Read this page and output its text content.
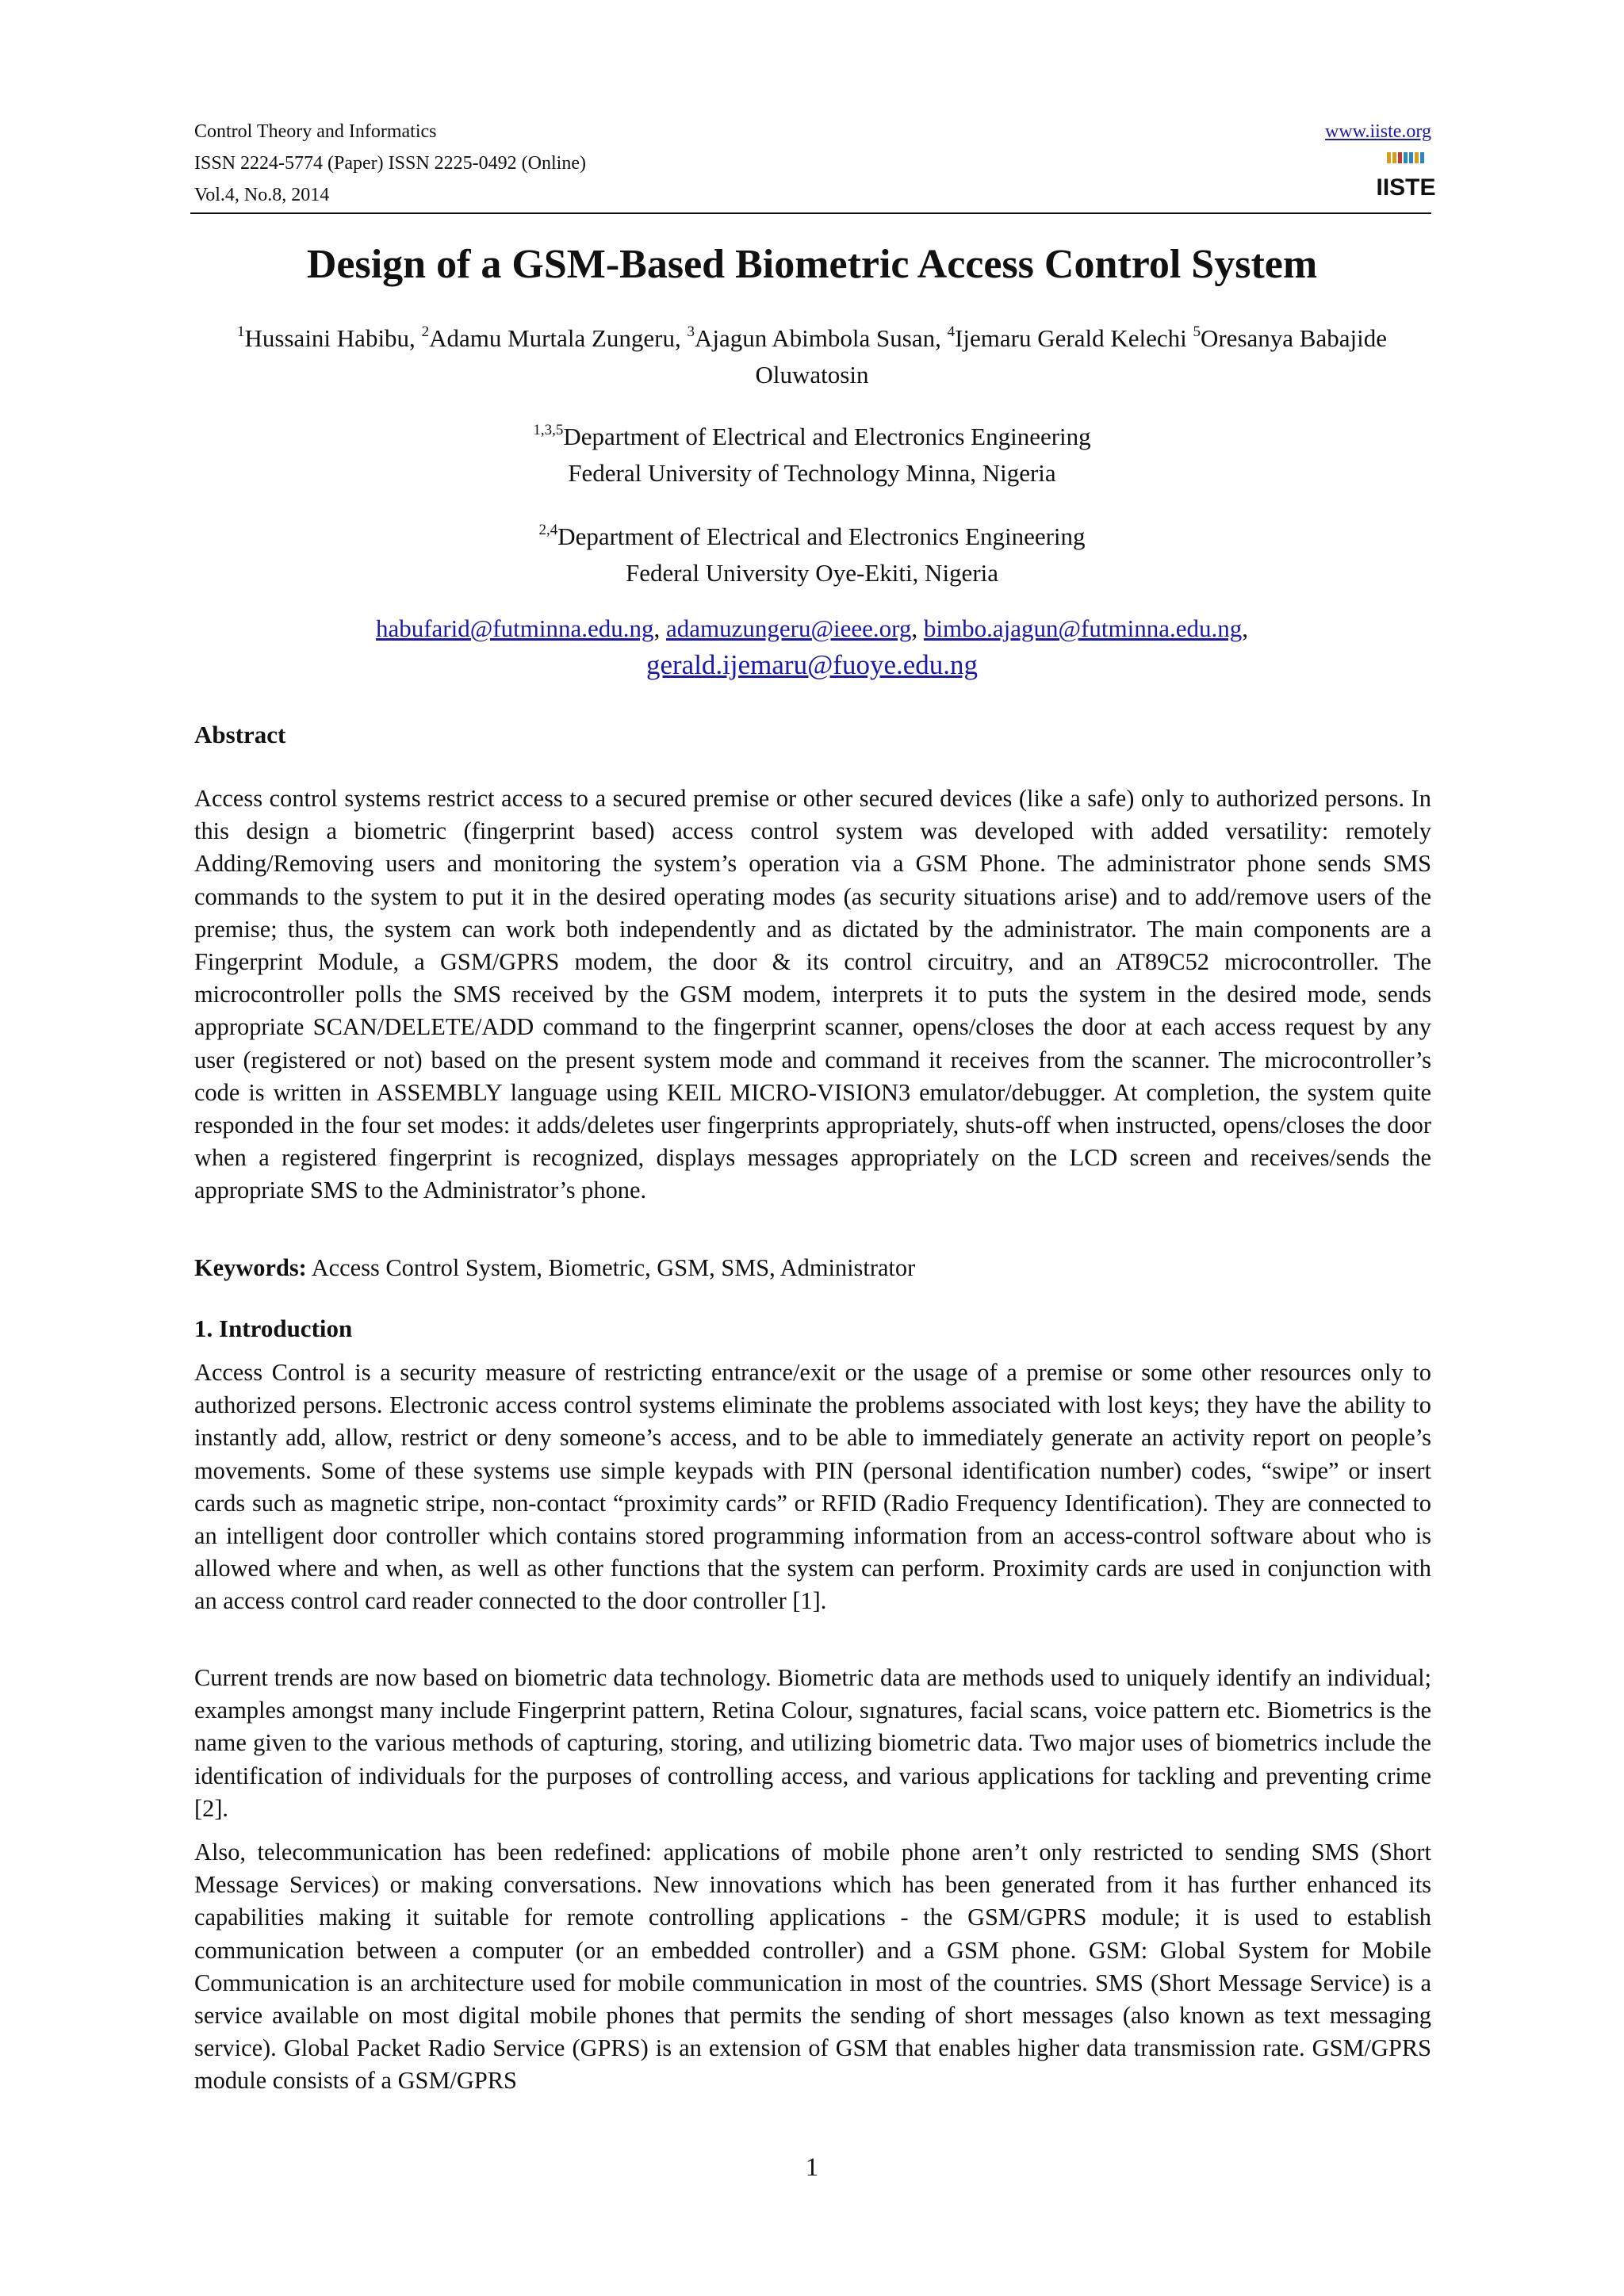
Control Theory and Informatics
ISSN 2224-5774 (Paper) ISSN 2225-0492 (Online)
Vol.4, No.8, 2014
www.iiste.org
IISTE
Design of a GSM-Based Biometric Access Control System
$^1$Hussaini Habibu, $^2$Adamu Murtala Zungeru, $^3$Ajagun Abimbola Susan, $^4$Ijemaru Gerald Kelechi $^5$Oresanya Babajide Oluwatosin
$^{1,3,5}$Department of Electrical and Electronics Engineering
Federal University of Technology Minna, Nigeria
$^{2,4}$Department of Electrical and Electronics Engineering
Federal University Oye-Ekiti, Nigeria
habufarid@futminna.edu.ng, adamuzungeru@ieee.org, bimbo.ajagun@futminna.edu.ng,
gerald.ijemaru@fuoye.edu.ng
Abstract
Access control systems restrict access to a secured premise or other secured devices (like a safe) only to authorized persons. In this design a biometric (fingerprint based) access control system was developed with added versatility: remotely Adding/Removing users and monitoring the system’s operation via a GSM Phone. The administrator phone sends SMS commands to the system to put it in the desired operating modes (as security situations arise) and to add/remove users of the premise; thus, the system can work both independently and as dictated by the administrator. The main components are a Fingerprint Module, a GSM/GPRS modem, the door & its control circuitry, and an AT89C52 microcontroller. The microcontroller polls the SMS received by the GSM modem, interprets it to puts the system in the desired mode, sends appropriate SCAN/DELETE/ADD command to the fingerprint scanner, opens/closes the door at each access request by any user (registered or not) based on the present system mode and command it receives from the scanner. The microcontroller’s code is written in ASSEMBLY language using KEIL MICRO-VISION3 emulator/debugger. At completion, the system quite responded in the four set modes: it adds/deletes user fingerprints appropriately, shuts-off when instructed, opens/closes the door when a registered fingerprint is recognized, displays messages appropriately on the LCD screen and receives/sends the appropriate SMS to the Administrator’s phone.
Keywords: Access Control System, Biometric, GSM, SMS, Administrator
1. Introduction
Access Control is a security measure of restricting entrance/exit or the usage of a premise or some other resources only to authorized persons. Electronic access control systems eliminate the problems associated with lost keys; they have the ability to instantly add, allow, restrict or deny someone’s access, and to be able to immediately generate an activity report on people’s movements. Some of these systems use simple keypads with PIN (personal identification number) codes, “swipe” or insert cards such as magnetic stripe, non-contact “proximity cards” or RFID (Radio Frequency Identification). They are connected to an intelligent door controller which contains stored programming information from an access-control software about who is allowed where and when, as well as other functions that the system can perform. Proximity cards are used in conjunction with an access control card reader connected to the door controller [1].
Current trends are now based on biometric data technology. Biometric data are methods used to uniquely identify an individual; examples amongst many include Fingerprint pattern, Retina Colour, sıgnatures, facial scans, voice pattern etc. Biometrics is the name given to the various methods of capturing, storing, and utilizing biometric data. Two major uses of biometrics include the identification of individuals for the purposes of controlling access, and various applications for tackling and preventing crime [2].
Also, telecommunication has been redefined: applications of mobile phone aren’t only restricted to sending SMS (Short Message Services) or making conversations. New innovations which has been generated from it has further enhanced its capabilities making it suitable for remote controlling applications - the GSM/GPRS module; it is used to establish communication between a computer (or an embedded controller) and a GSM phone. GSM: Global System for Mobile Communication is an architecture used for mobile communication in most of the countries. SMS (Short Message Service) is a service available on most digital mobile phones that permits the sending of short messages (also known as text messaging service). Global Packet Radio Service (GPRS) is an extension of GSM that enables higher data transmission rate. GSM/GPRS module consists of a GSM/GPRS
1
